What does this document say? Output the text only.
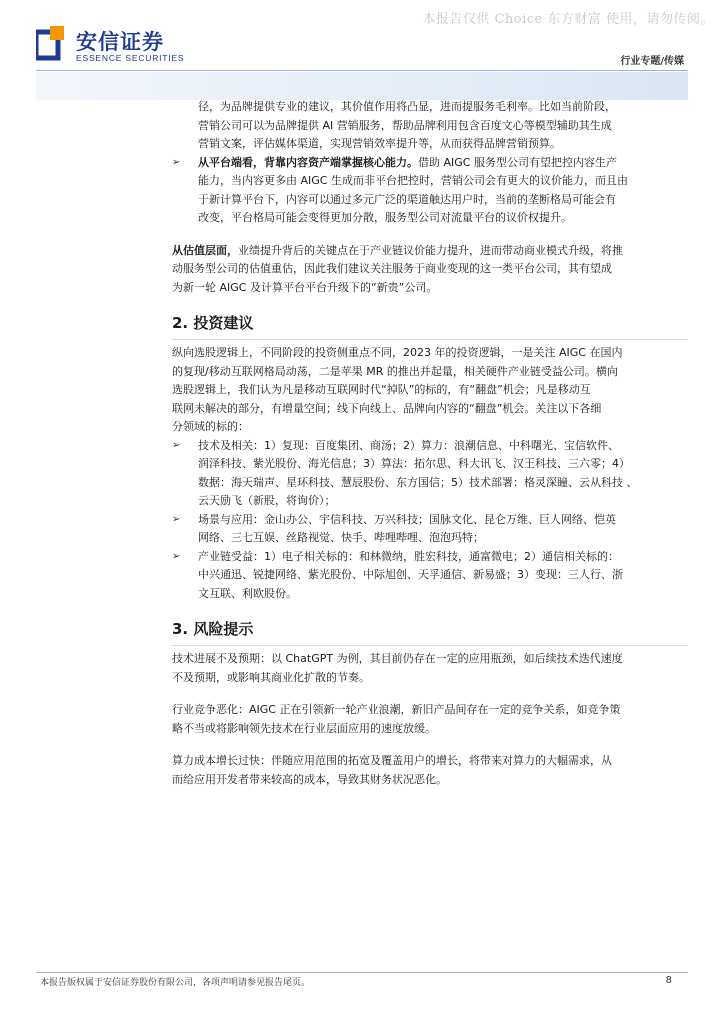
本报告仅供 Choice 东方财富 使用，请勿传阅。
安信证券
ESSENCE SECURITIES	行业专题/传媒

径，为品牌提供专业的建议，其价值作用将凸显，进而提服务毛利率。比如当前阶段，

营销公司可以为品牌提供 AI 营销服务，帮助品牌利用包含百度文心等模型辅助其生成

营销文案，评估媒体渠道，实现营销效率提升等，从而获得品牌营销预算。

➢ 从平台端看，背靠内容资产端掌握核心能力。借助 AIGC 服务型公司有望把控内容生产

能力，当内容更多由 AIGC 生成而非平台把控时，营销公司会有更大的议价能力，而且由

于新计算平台下，内容可以通过多元广泛的渠道触达用户时，当前的垄断格局可能会有

改变，平台格局可能会变得更加分散，服务型公司对流量平台的议价权提升。

从估值层面，业绩提升背后的关键点在于产业链议价能力提升，进而带动商业模式升级，将推

动服务型公司的估值重估，因此我们建议关注服务于商业变现的这一类平台公司，其有望成

为新一轮 AIGC 及计算平台平台升级下的“新贵”公司。

2. 投资建议

纵向选股逻辑上，不同阶段的投资侧重点不同，2023 年的投资逻辑，一是关注 AIGC 在国内

的复现/移动互联网格局动荡，二是苹果 MR 的推出并起量，相关硬件产业链受益公司。横向

选股逻辑上，我们认为凡是移动互联网时代“掉队”的标的，有“翻盘”机会；凡是移动互

联网未解决的部分，有增量空间；线下向线上、品牌向内容的“翻盘”机会。关注以下各细

分领域的标的：

➢ 技术及相关：1）复现：百度集团、商汤；2）算力：浪潮信息、中科曙光、宝信软件、

润泽科技、紫光股份、海光信息；3）算法：拓尔思、科大讯飞、汉王科技、三六零；4）

数据：海天瑞声、星环科技、慧辰股份、东方国信；5）技术部署：格灵深瞳、云从科技 、

云天励飞（新股，将询价）；

➢ 场景与应用：金山办公、宇信科技、万兴科技；国脉文化、昆仑万维、巨人网络、恺英

网络、三七互娱、丝路视觉、快手、哔哩哔哩、泡泡玛特；

➢ 产业链受益：1）电子相关标的：和林微纳，胜宏科技，通富微电；2）通信相关标的：

中兴通迅、锐捷网络、紫光股份、中际旭创、天孚通信、新易盛；3）变现：三人行、浙

文互联、利欧股份。

3. 风险提示

技术进展不及预期：以 ChatGPT 为例，其目前仍存在一定的应用瓶颈，如后续技术迭代速度

不及预期，或影响其商业化扩散的节奏。

行业竞争恶化：AIGC 正在引领新一轮产业浪潮，新旧产品间存在一定的竞争关系，如竞争策

略不当或将影响领先技术在行业层面应用的速度放缓。

算力成本增长过快：伴随应用范围的拓宽及覆盖用户的增长，将带来对算力的大幅需求，从

而给应用开发者带来较高的成本，导致其财务状况恶化。

本报告版权属于安信证券股份有限公司，各项声明请参见报告尾页。	8
